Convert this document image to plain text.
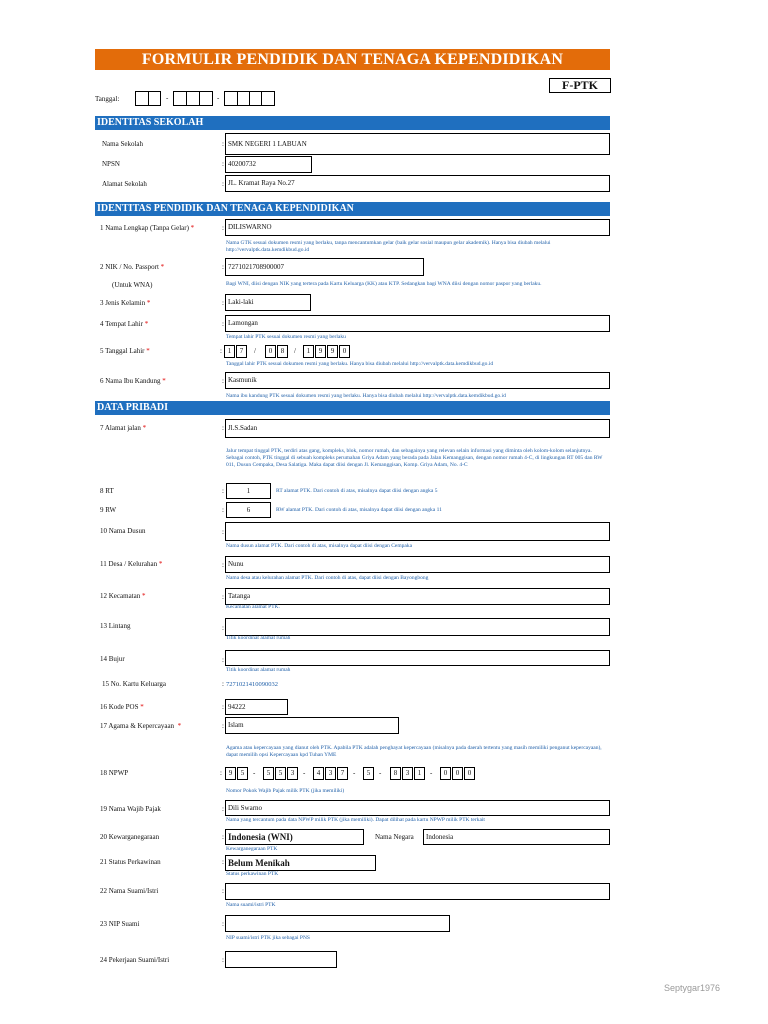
FORMULIR PENDIDIK DAN TENAGA KEPENDIDIKAN
F-PTK
Tanggal:	-	-
IDENTITAS SEKOLAH
Nama Sekolah	: SMK NEGERI 1 LABUAN
NPSN	: 40200732
Alamat Sekolah	: JL. Kramat Raya No.27
IDENTITAS PENDIDIK DAN TENAGA KEPENDIDIKAN
1 Nama Lengkap (Tanpa Gelar) *	: DILISWARNO
Nama GTK sesuai dokumen resmi yang berlaku, tanpa mencantumkan gelar (baik gelar sosial maupun gelar akademik). Hanya bisa diubah melalui http://vervalptk.data.kemdikbud.go.id
2 NIK / No. Passport *	: 7271021708900007
(Untuk WNA)	Bagi WNI, diisi dengan NIK yang tertera pada Kartu Keluarga (KK) atau KTP. Sedangkan bagi WNA diisi dengan nomor paspor yang berlaku.
3 Jenis Kelamin *	: Laki-laki
4 Tempat Lahir *	: Lamongan
Tempat lahir PTK sesuai dokumen resmi yang berlaku
5 Tanggal Lahir *	: 1	7	/	0	8	/	1	9	9	0
Tanggal lahir PTK sesuai dokumen resmi yang berlaku. Hanya bisa diubah melalui http://vervalptk.data.kemdikbud.go.id
6 Nama Ibu Kandung *	: Kasmunik
Nama ibu kandung PTK sesuai dokumen resmi yang berlaku. Hanya bisa diubah melalui http://vervalptk.data.kemdikbud.go.id
DATA PRIBADI
7 Alamat jalan *	: Jl.S.Sadan
Jalur tempat tinggal PTK, terdiri atas gang, kompleks, blok, nomor rumah, dan sebagainya yang relevan selain informasi yang diminta oleh kolom-kolom selanjutnya. Sebagai contoh, PTK tinggal di sebuah kompleks perumahan Griya Adam yang berada pada Jalan Kemanggisan, dengan nomor rumah 4-C, di lingkungan RT 005 dan RW 011, Dusun Cempaka, Desa Salatiga. Maka dapat diisi dengan Jl. Kemanggisan, Komp. Griya Adam, No. 4-C
8 RT	:	1	RT alamat PTK. Dari contoh di atas, misalnya dapat diisi dengan angka 5
9 RW	:	6	RW alamat PTK. Dari contoh di atas, misalnya dapat diisi dengan angka 11
10 Nama Dusun	:
Nama dusun alamat PTK. Dari contoh di atas, misalnya dapat diisi dengan Cempaka
11 Desa / Kelurahan *	: Nunu
Nama desa atau kelurahan alamat PTK. Dari contoh di atas, dapat diisi dengan Bayongbong
12 Kecamatan *	: Tatanga
Kecamatan alamat PTK.
13 Lintang	:
Titik koordinat alamat rumah
14 Bujur	:
Titik koordinat alamat rumah
15 No. Kartu Keluarga	: 7271021410090032
16 Kode POS *	: 94222
17 Agama & Kepercayaan *	: Islam
Agama atau kepercayaan yang dianut oleh PTK. Apabila PTK adalah penghayat kepercayaan (misalnya pada daerah tertentu yang masih memiliki penganut kepercayaan), dapat memilih opsi Kepercayaan kpd Tuhan YME
18 NPWP	: 9	5	-	5	5	3	-	4	3	7	-	5	-	8	3	1	-	0	0	0
Nomor Pokok Wajib Pajak milik PTK (jika memiliki)
19 Nama Wajib Pajak	: Dili Swarno
Nama yang tercantum pada data NPWP milik PTK (jika memiliki). Dapat dilihat pada kartu NPWP milik PTK terkait
20 Kewarganegaraan	: Indonesia (WNI)	Nama Negara	Indonesia
Kewarganegaraan PTK
21 Status Perkawinan	: Belum Menikah
Status perkawinan PTK
22 Nama Suami/Istri	:
Nama suami/istri PTK
23 NIP Suami	:
NIP suami/istri PTK jika sebagai PNS
24 Pekerjaan Suami/Istri	:
Septygar1976
